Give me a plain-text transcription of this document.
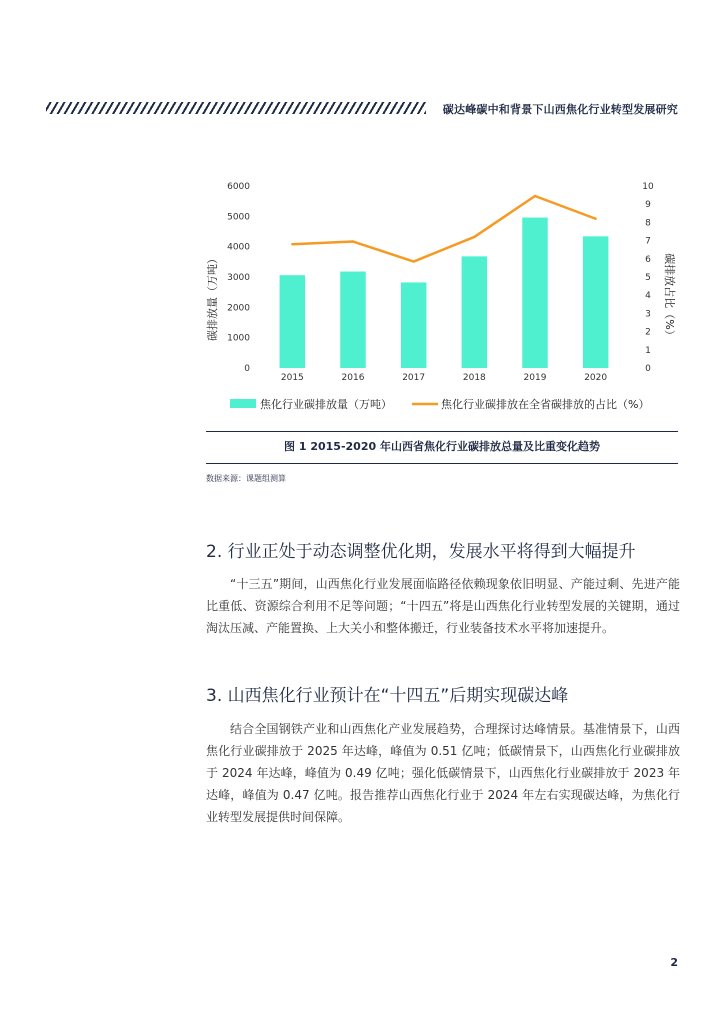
碳达峰碳中和背景下山西焦化行业转型发展研究
0
1000
2000
3000
4000
5000
6000
0
1
2
3
4
5
6
7
8
9
10
2015	2016	2017	2018	2019	2020
碳排放量（万吨）	碳排放占比（%）
焦化行业碳排放量（万吨）	焦化行业碳排放在全省碳排放的占比（%）
图 1 2015-2020 年山西省焦化行业碳排放总量及比重变化趋势
数据来源：课题组测算
2. 行业正处于动态调整优化期，发展水平将得到大幅提升
“十三五”期间，山西焦化行业发展面临路径依赖现象依旧明显、产能过剩、先进产能比重低、资源综合利用不足等问题；“十四五”将是山西焦化行业转型发展的关键期，通过淘汰压减、产能置换、上大关小和整体搬迁，行业装备技术水平将加速提升。
3. 山西焦化行业预计在“十四五”后期实现碳达峰
结合全国钢铁产业和山西焦化产业发展趋势，合理探讨达峰情景。基准情景下，山西焦化行业碳排放于 2025 年达峰，峰值为 0.51 亿吨；低碳情景下，山西焦化行业碳排放于 2024 年达峰，峰值为 0.49 亿吨；强化低碳情景下，山西焦化行业碳排放于 2023 年达峰，峰值为 0.47 亿吨。报告推荐山西焦化行业于 2024 年左右实现碳达峰，为焦化行业转型发展提供时间保障。
2
